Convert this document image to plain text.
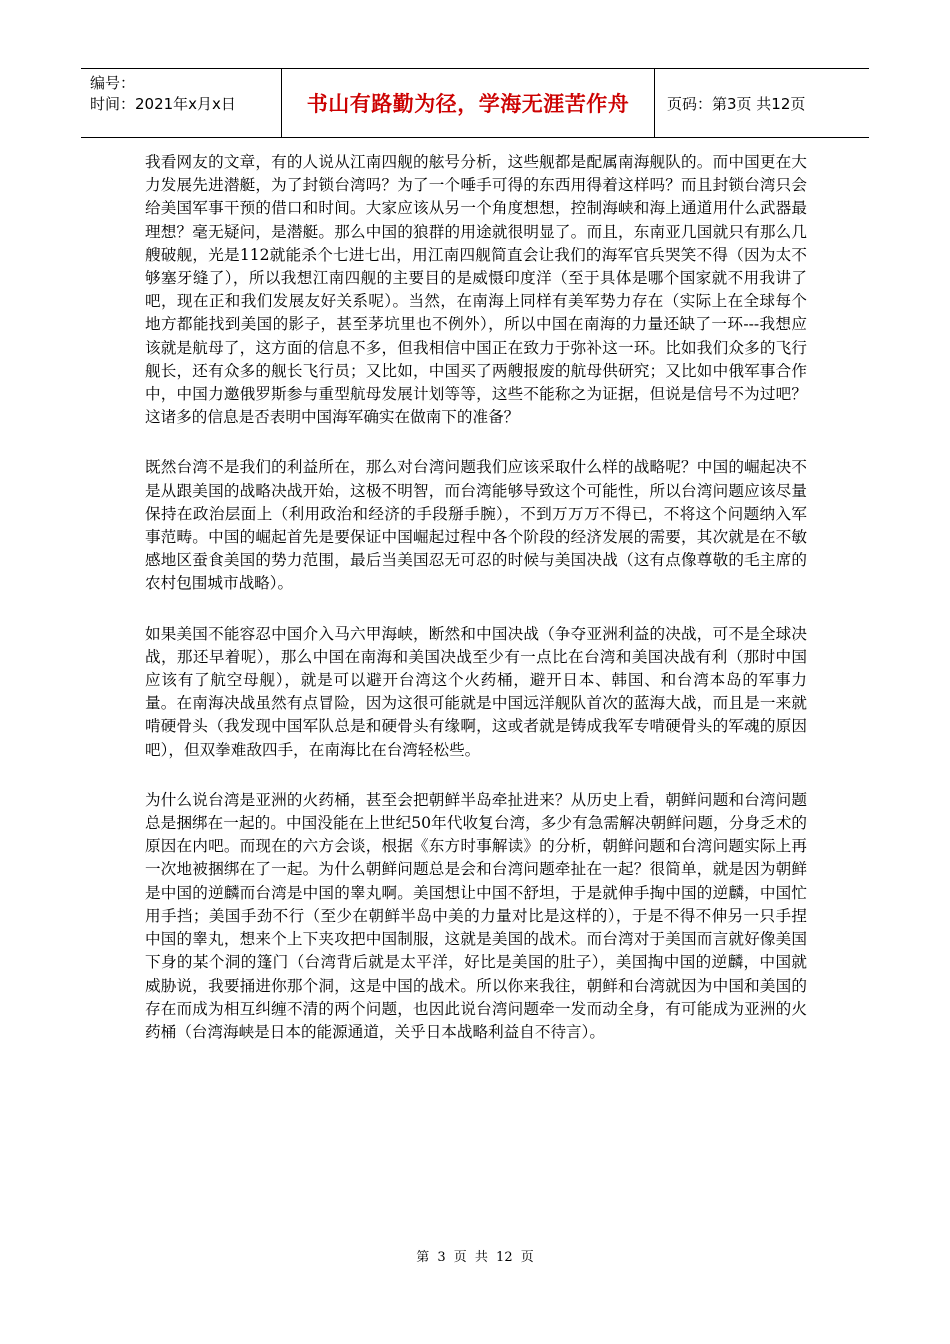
编号：
时间：2021年x月x日	书山有路勤为径，学海无涯苦作舟	页码：第3页 共12页

我看网友的文章，有的人说从江南四舰的舷号分析，这些舰都是配属南海舰队的。而中国更在大力发展先进潜艇，为了封锁台湾吗？为了一个唾手可得的东西用得着这样吗？而且封锁台湾只会给美国军事干预的借口和时间。大家应该从另一个角度想想，控制海峡和海上通道用什么武器最理想？毫无疑问，是潜艇。那么中国的狼群的用途就很明显了。而且，东南亚几国就只有那么几艘破舰，光是112就能杀个七进七出，用江南四舰简直会让我们的海军官兵哭笑不得（因为太不够塞牙缝了），所以我想江南四舰的主要目的是威慑印度洋（至于具体是哪个国家就不用我讲了吧，现在正和我们发展友好关系呢）。当然，在南海上同样有美军势力存在（实际上在全球每个地方都能找到美国的影子，甚至茅坑里也不例外），所以中国在南海的力量还缺了一环---我想应该就是航母了，这方面的信息不多，但我相信中国正在致力于弥补这一环。比如我们众多的飞行舰长，还有众多的舰长飞行员；又比如，中国买了两艘报废的航母供研究；又比如中俄军事合作中，中国力邀俄罗斯参与重型航母发展计划等等，这些不能称之为证据，但说是信号不为过吧？这诸多的信息是否表明中国海军确实在做南下的准备？

既然台湾不是我们的利益所在，那么对台湾问题我们应该采取什么样的战略呢？中国的崛起决不是从跟美国的战略决战开始，这极不明智，而台湾能够导致这个可能性，所以台湾问题应该尽量保持在政治层面上（利用政治和经济的手段掰手腕），不到万万万不得已，不将这个问题纳入军事范畴。中国的崛起首先是要保证中国崛起过程中各个阶段的经济发展的需要，其次就是在不敏感地区蚕食美国的势力范围，最后当美国忍无可忍的时候与美国决战（这有点像尊敬的毛主席的农村包围城市战略）。

如果美国不能容忍中国介入马六甲海峡，断然和中国决战（争夺亚洲利益的决战，可不是全球决战，那还早着呢），那么中国在南海和美国决战至少有一点比在台湾和美国决战有利（那时中国应该有了航空母舰），就是可以避开台湾这个火药桶，避开日本、韩国、和台湾本岛的军事力量。在南海决战虽然有点冒险，因为这很可能就是中国远洋舰队首次的蓝海大战，而且是一来就啃硬骨头（我发现中国军队总是和硬骨头有缘啊，这或者就是铸成我军专啃硬骨头的军魂的原因吧），但双拳难敌四手，在南海比在台湾轻松些。

为什么说台湾是亚洲的火药桶，甚至会把朝鲜半岛牵扯进来？从历史上看，朝鲜问题和台湾问题总是捆绑在一起的。中国没能在上世纪50年代收复台湾，多少有急需解决朝鲜问题，分身乏术的原因在内吧。而现在的六方会谈，根据《东方时事解读》的分析，朝鲜问题和台湾问题实际上再一次地被捆绑在了一起。为什么朝鲜问题总是会和台湾问题牵扯在一起？很简单，就是因为朝鲜是中国的逆麟而台湾是中国的睾丸啊。美国想让中国不舒坦，于是就伸手掏中国的逆麟，中国忙用手挡；美国手劲不行（至少在朝鲜半岛中美的力量对比是这样的），于是不得不伸另一只手捏中国的睾丸，想来个上下夹攻把中国制服，这就是美国的战术。而台湾对于美国而言就好像美国下身的某个洞的篷门（台湾背后就是太平洋，好比是美国的肚子），美国掏中国的逆麟，中国就威胁说，我要捅进你那个洞，这是中国的战术。所以你来我往，朝鲜和台湾就因为中国和美国的存在而成为相互纠缠不清的两个问题，也因此说台湾问题牵一发而动全身，有可能成为亚洲的火药桶（台湾海峡是日本的能源通道，关乎日本战略利益自不待言）。

第 3 页 共 12 页
